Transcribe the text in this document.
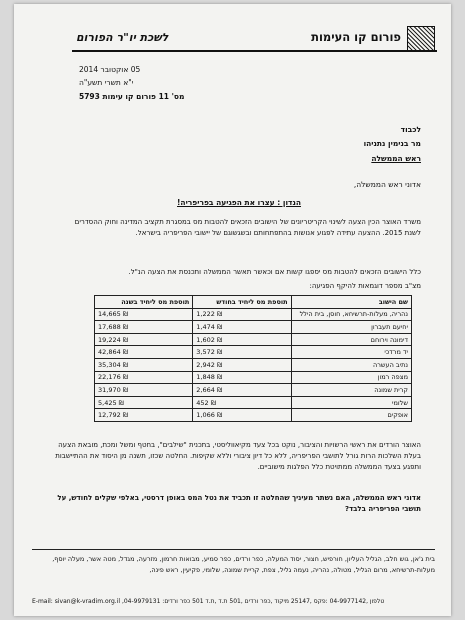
פורום קו העימות
לשכת יו"ר הפורום
05 אוקטובר 2014
י"א תשרי תשע"ה
מס' 11 פורום קו עימות 5793
לכבוד
מר בנימין נתניהו
ראש הממשלה
אדוני ראש הממשלה,
הנדון : עצרו את הפגיעה בפריפריה!
משרד האוצר הכין הצעה לשינוי הקריטריונים של הישובים הזכאים להטבות מס במסגרת תקציב המדינה וחוק ההסדרים לשנת 2015. ההצעה עתידה לפגוע אנושות בהתפתחותם ובשגשוגם של יישובי הפריפריה בישראל.
כלל הישובים הזכאים להטבות מס יספגו קשות אם וכאשר תאשר הממשלה ותכנסת את הצעה הנ"ל.
מצ"ב מספר דוגמאות להיקף הפגיעה:
שם הישוב	תוספת מס ליחיד בחודש	תוספת מס ליחיד בשנה
נהריה, מעלות-תרשיחא, חוסן, בית הילל	1,222 ₪	14,665 ₪
יחיעם תעברון	1,474 ₪	17,688 ₪
דימונה וירוחם	1,602 ₪	19,224 ₪
יד מרדכי	3,572 ₪	42,864 ₪
נתיב העשרה	2,942 ₪	35,304 ₪
מצפה רמון	1,848 ₪	22,176 ₪
קרית שמונה	2,664 ₪	31,970 ₪
שלומי	452 ₪	5,425 ₪
אופקים	1,066 ₪	12,792 ₪
האוצר הורדים את ראשי הרשויות והציבור, נוקט בכל צעד מקיאווליסטי, בתכנית "שילבים", בחטף ומשל ומכת, מובאת הצעה בעלת השלכות הרות גורל לתושבי הפריפריה, ללא כל דיון ציבורי וללא שקיפות. החלטה שכזו, תשנה מן היסוד את ההתיישבות ותפגע בצעד הממשלה ממתויטת כלל הפלגות מישוביים.
אדוני ראש הממשלה, האם נשתר מעיניך שהחלטה זו תכביד את נטל המס באופן דרסטי, באלפי שקלים לחודש, על תושבי הפריפריה בלבד?
בית ג'אן, גוש חלב, הגליל העליון, חורפיש, חצור, יסוד המעלה, כפר ורדים, כפר סמיע, מבואות חרמון, מזרעה, מגדל, מטה אשר, מעלה יוסף, מעלות-תרשיחא, מרום הגליל, מטולה, נהריה, נעמה גליל, צפת, קריית שמונה, שלומי, פקיעין, ראש פינה,
E-mail: sivan@k-vradim.org.il ,04-9979131 :טלפון ,04-9977142 :פקס ,25147 מיקוד ,כפר ורדים ,501 ת.ד ,ת.ד 501 כפר ורדים
